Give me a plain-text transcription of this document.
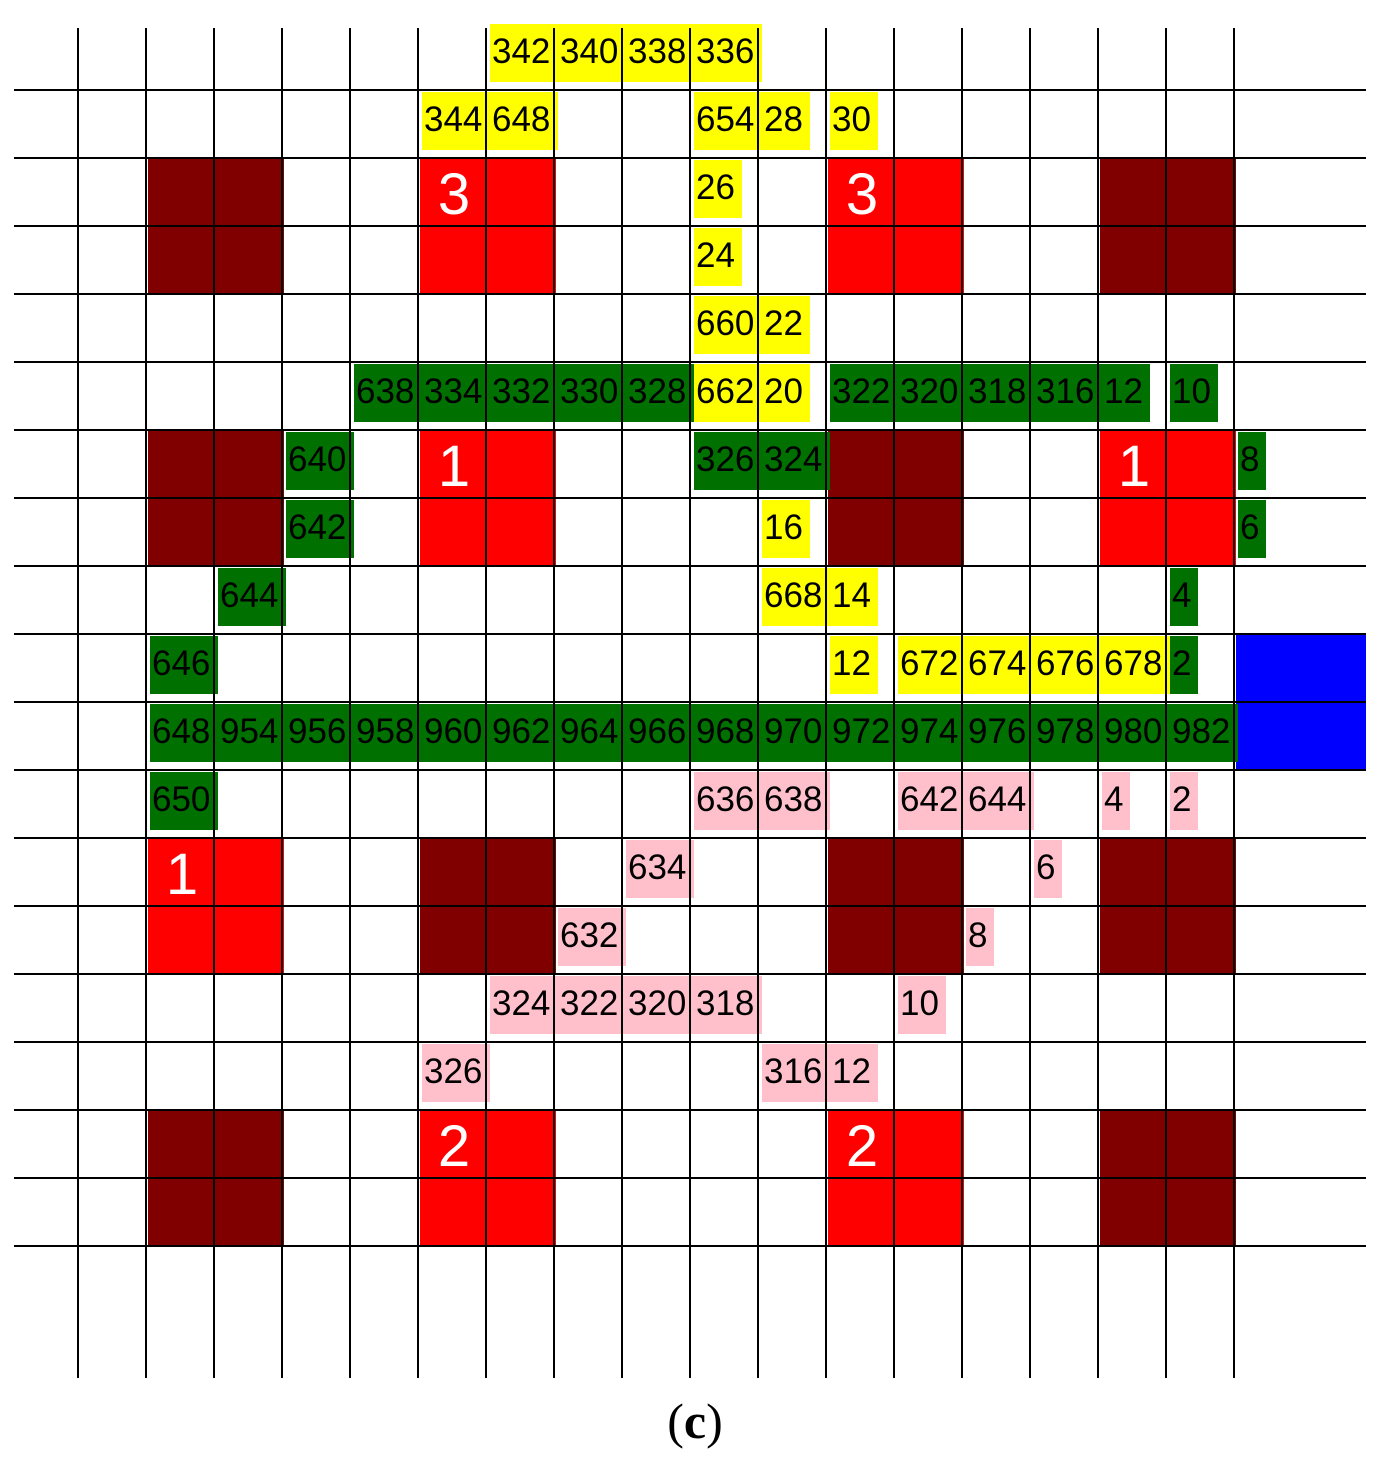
342 340 338 336
344 648	654 28 30
26
24
660 22
638 334 332 330 328 662 20 322 320 318 316 12 10
640	326 324	8
642	16	6
644	668 14	4
646	12 672 674 676 678 2
648 954 956 958 960 962 964 966 968 970 972 974 976 978 980 982
650	636 638 642 644 4 2
634	6
632	8
324 322 320 318	10
326	316 12
3	3
1	1
1
2	2
(c)
